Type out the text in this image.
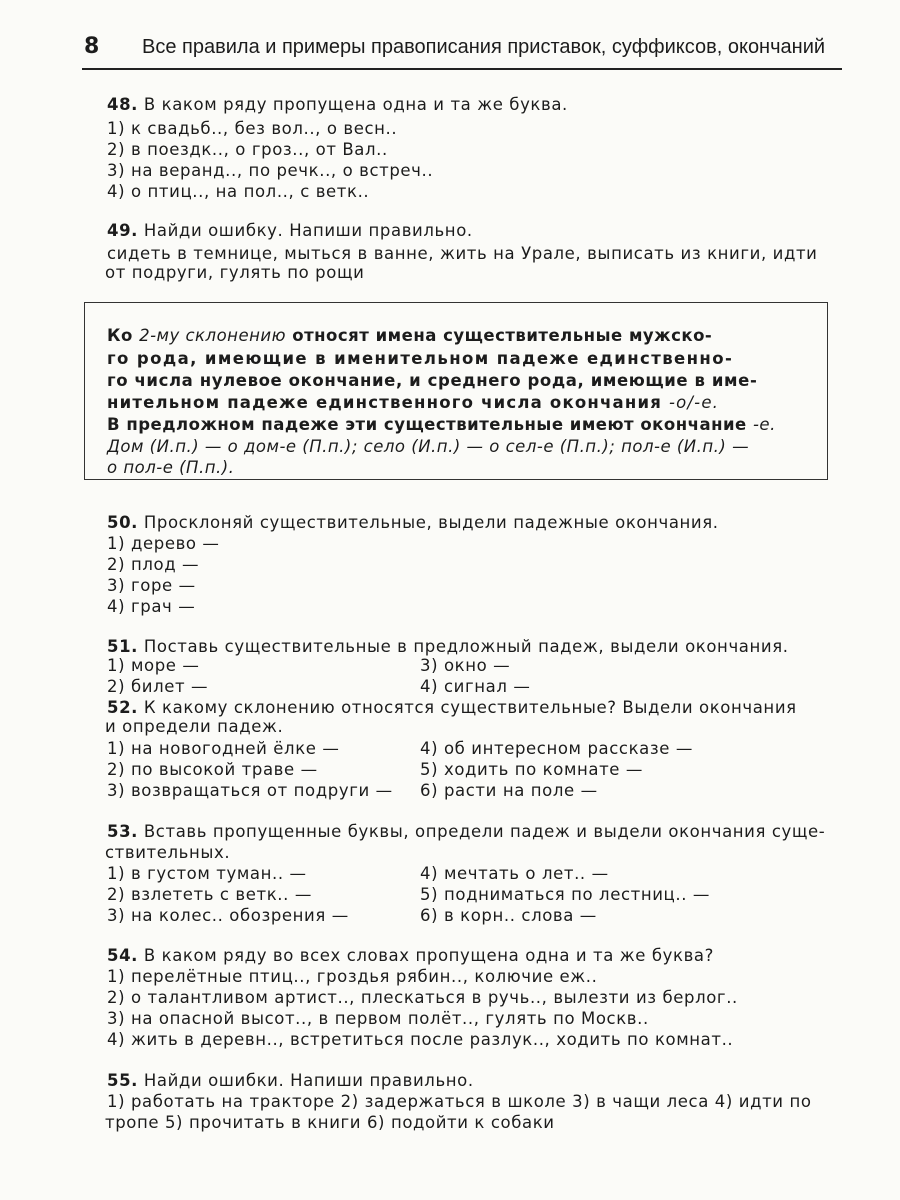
8 Все правила и примеры правописания приставок, суффиксов, окончаний
48. В каком ряду пропущена одна и та же буква.
1) к свадьб.., без вол.., о весн..
2) в поездк.., о гроз.., от Вал..
3) на веранд.., по речк.., о встреч..
4) о птиц.., на пол.., с ветк..
49. Найди ошибку. Напиши правильно.
сидеть в темнице, мыться в ванне, жить на Урале, выписать из книги, идти
от подруги, гулять по рощи
Ко 2-му склонению относят имена существительные мужско-
го рода, имеющие в именительном падеже единственно-
го числа нулевое окончание, и среднего рода, имеющие в име-
нительном падеже единственного числа окончания -о/-е.
В предложном падеже эти существительные имеют окончание -е.
Дом (И.п.) — о дом-е (П.п.); село (И.п.) — о сел-е (П.п.); пол-е (И.п.) —
о пол-е (П.п.).
50. Просклоняй существительные, выдели падежные окончания.
1) дерево —
2) плод —
3) горе —
4) грач —
51. Поставь существительные в предложный падеж, выдели окончания.
1) море —	3) окно —
2) билет —	4) сигнал —
52. К какому склонению относятся существительные? Выдели окончания
и определи падеж.
1) на новогодней ёлке —	4) об интересном рассказе —
2) по высокой траве —	5) ходить по комнате —
3) возвращаться от подруги — 6) расти на поле —
53. Вставь пропущенные буквы, определи падеж и выдели окончания суще-
ствительных.
1) в густом туман.. —	4) мечтать о лет.. —
2) взлететь с ветк.. —	5) подниматься по лестниц.. —
3) на колес.. обозрения —	6) в корн.. слова —
54. В каком ряду во всех словах пропущена одна и та же буква?
1) перелётные птиц.., гроздья рябин.., колючие еж..
2) о талантливом артист.., плескаться в ручь.., вылезти из берлог..
3) на опасной высот.., в первом полёт.., гулять по Москв..
4) жить в деревн.., встретиться после разлук.., ходить по комнат..
55. Найди ошибки. Напиши правильно.
1) работать на тракторе 2) задержаться в школе 3) в чащи леса 4) идти по
тропе 5) прочитать в книги 6) подойти к собаки
